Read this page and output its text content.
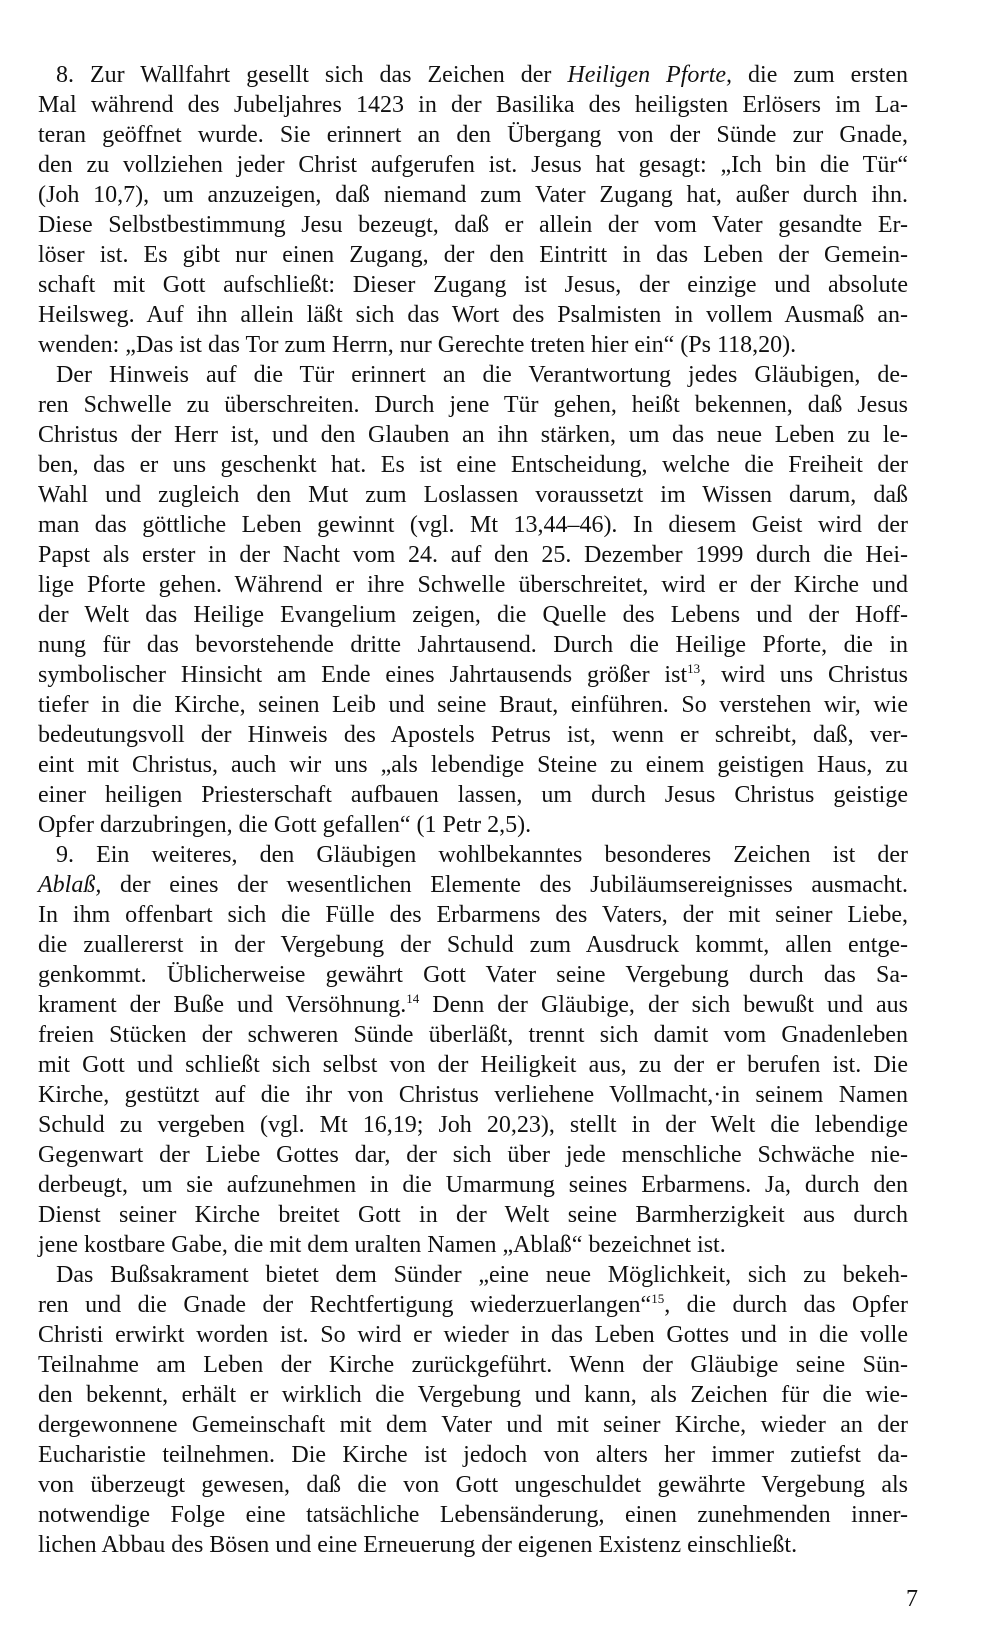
8. Zur Wallfahrt gesellt sich das Zeichen der Heiligen Pforte, die zum ersten
Mal während des Jubeljahres 1423 in der Basilika des heiligsten Erlösers im La-
teran geöffnet wurde. Sie erinnert an den Übergang von der Sünde zur Gnade,
den zu vollziehen jeder Christ aufgerufen ist. Jesus hat gesagt: „Ich bin die Tür“
(Joh 10,7), um anzuzeigen, daß niemand zum Vater Zugang hat, außer durch ihn.
Diese Selbstbestimmung Jesu bezeugt, daß er allein der vom Vater gesandte Er-
löser ist. Es gibt nur einen Zugang, der den Eintritt in das Leben der Gemein-
schaft mit Gott aufschließt: Dieser Zugang ist Jesus, der einzige und absolute
Heilsweg. Auf ihn allein läßt sich das Wort des Psalmisten in vollem Ausmaß an-
wenden: „Das ist das Tor zum Herrn, nur Gerechte treten hier ein“ (Ps 118,20).
Der Hinweis auf die Tür erinnert an die Verantwortung jedes Gläubigen, de-
ren Schwelle zu überschreiten. Durch jene Tür gehen, heißt bekennen, daß Jesus
Christus der Herr ist, und den Glauben an ihn stärken, um das neue Leben zu le-
ben, das er uns geschenkt hat. Es ist eine Entscheidung, welche die Freiheit der
Wahl und zugleich den Mut zum Loslassen voraussetzt im Wissen darum, daß
man das göttliche Leben gewinnt (vgl. Mt 13,44–46). In diesem Geist wird der
Papst als erster in der Nacht vom 24. auf den 25. Dezember 1999 durch die Hei-
lige Pforte gehen. Während er ihre Schwelle überschreitet, wird er der Kirche und
der Welt das Heilige Evangelium zeigen, die Quelle des Lebens und der Hoff-
nung für das bevorstehende dritte Jahrtausend. Durch die Heilige Pforte, die in
symbolischer Hinsicht am Ende eines Jahrtausends größer ist$^{13}$, wird uns Christus
tiefer in die Kirche, seinen Leib und seine Braut, einführen. So verstehen wir, wie
bedeutungsvoll der Hinweis des Apostels Petrus ist, wenn er schreibt, daß, ver-
eint mit Christus, auch wir uns „als lebendige Steine zu einem geistigen Haus, zu
einer heiligen Priesterschaft aufbauen lassen, um durch Jesus Christus geistige
Opfer darzubringen, die Gott gefallen“ (1 Petr 2,5).
9. Ein weiteres, den Gläubigen wohlbekanntes besonderes Zeichen ist der
Ablaß, der eines der wesentlichen Elemente des Jubiläumsereignisses ausmacht.
In ihm offenbart sich die Fülle des Erbarmens des Vaters, der mit seiner Liebe,
die zuallererst in der Vergebung der Schuld zum Ausdruck kommt, allen entge-
genkommt. Üblicherweise gewährt Gott Vater seine Vergebung durch das Sa-
krament der Buße und Versöhnung.$^{14}$ Denn der Gläubige, der sich bewußt und aus
freien Stücken der schweren Sünde überläßt, trennt sich damit vom Gnadenleben
mit Gott und schließt sich selbst von der Heiligkeit aus, zu der er berufen ist. Die
Kirche, gestützt auf die ihr von Christus verliehene Vollmacht,·in seinem Namen
Schuld zu vergeben (vgl. Mt 16,19; Joh 20,23), stellt in der Welt die lebendige
Gegenwart der Liebe Gottes dar, der sich über jede menschliche Schwäche nie-
derbeugt, um sie aufzunehmen in die Umarmung seines Erbarmens. Ja, durch den
Dienst seiner Kirche breitet Gott in der Welt seine Barmherzigkeit aus durch
jene kostbare Gabe, die mit dem uralten Namen „Ablaß“ bezeichnet ist.
Das Bußsakrament bietet dem Sünder „eine neue Möglichkeit, sich zu bekeh-
ren und die Gnade der Rechtfertigung wiederzuerlangen“$^{15}$, die durch das Opfer
Christi erwirkt worden ist. So wird er wieder in das Leben Gottes und in die volle
Teilnahme am Leben der Kirche zurückgeführt. Wenn der Gläubige seine Sün-
den bekennt, erhält er wirklich die Vergebung und kann, als Zeichen für die wie-
dergewonnene Gemeinschaft mit dem Vater und mit seiner Kirche, wieder an der
Eucharistie teilnehmen. Die Kirche ist jedoch von alters her immer zutiefst da-
von überzeugt gewesen, daß die von Gott ungeschuldet gewährte Vergebung als
notwendige Folge eine tatsächliche Lebensänderung, einen zunehmenden inner-
lichen Abbau des Bösen und eine Erneuerung der eigenen Existenz einschließt.
7
